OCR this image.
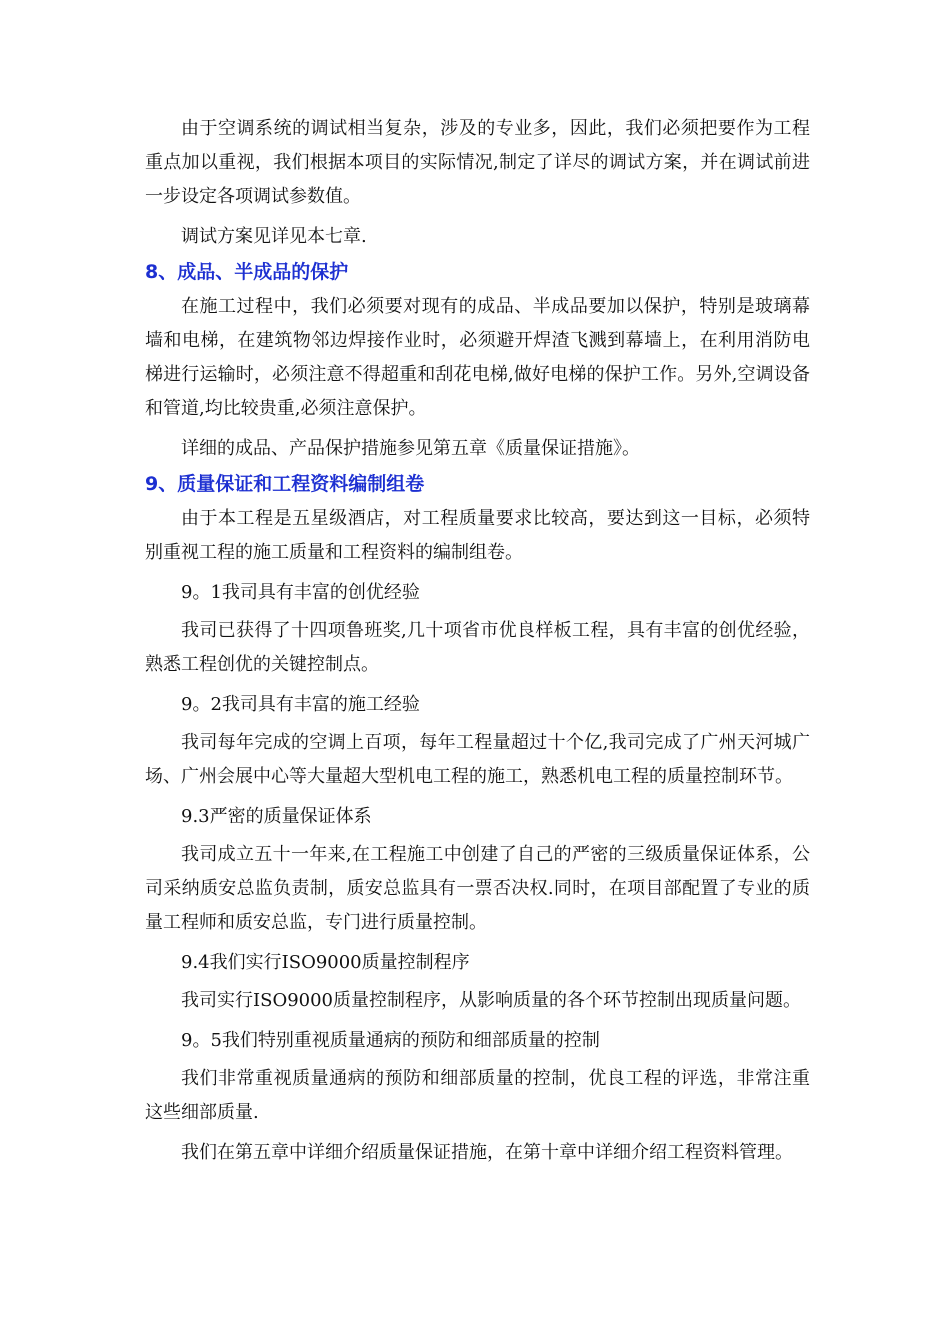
由于空调系统的调试相当复杂，涉及的专业多，因此，我们必须把要作为工程重点加以重视，我们根据本项目的实际情况,制定了详尽的调试方案，并在调试前进一步设定各项调试参数值。

调试方案见详见本七章.

8、成品、半成品的保护

在施工过程中，我们必须要对现有的成品、半成品要加以保护，特别是玻璃幕墙和电梯，在建筑物邻边焊接作业时，必须避开焊渣飞溅到幕墙上，在利用消防电梯进行运输时，必须注意不得超重和刮花电梯,做好电梯的保护工作。另外,空调设备和管道,均比较贵重,必须注意保护。

详细的成品、产品保护措施参见第五章《质量保证措施》。

9、质量保证和工程资料编制组卷

由于本工程是五星级酒店，对工程质量要求比较高，要达到这一目标，必须特别重视工程的施工质量和工程资料的编制组卷。

9。1我司具有丰富的创优经验

我司已获得了十四项鲁班奖,几十项省市优良样板工程，具有丰富的创优经验，熟悉工程创优的关键控制点。

9。2我司具有丰富的施工经验

我司每年完成的空调上百项，每年工程量超过十个亿,我司完成了广州天河城广场、广州会展中心等大量超大型机电工程的施工，熟悉机电工程的质量控制环节。

9.3严密的质量保证体系

我司成立五十一年来,在工程施工中创建了自己的严密的三级质量保证体系，公司采纳质安总监负责制，质安总监具有一票否决权.同时，在项目部配置了专业的质量工程师和质安总监，专门进行质量控制。

9.4我们实行ISO9000质量控制程序

我司实行ISO9000质量控制程序，从影响质量的各个环节控制出现质量问题。

9。5我们特别重视质量通病的预防和细部质量的控制

我们非常重视质量通病的预防和细部质量的控制，优良工程的评选，非常注重这些细部质量.

我们在第五章中详细介绍质量保证措施，在第十章中详细介绍工程资料管理。
